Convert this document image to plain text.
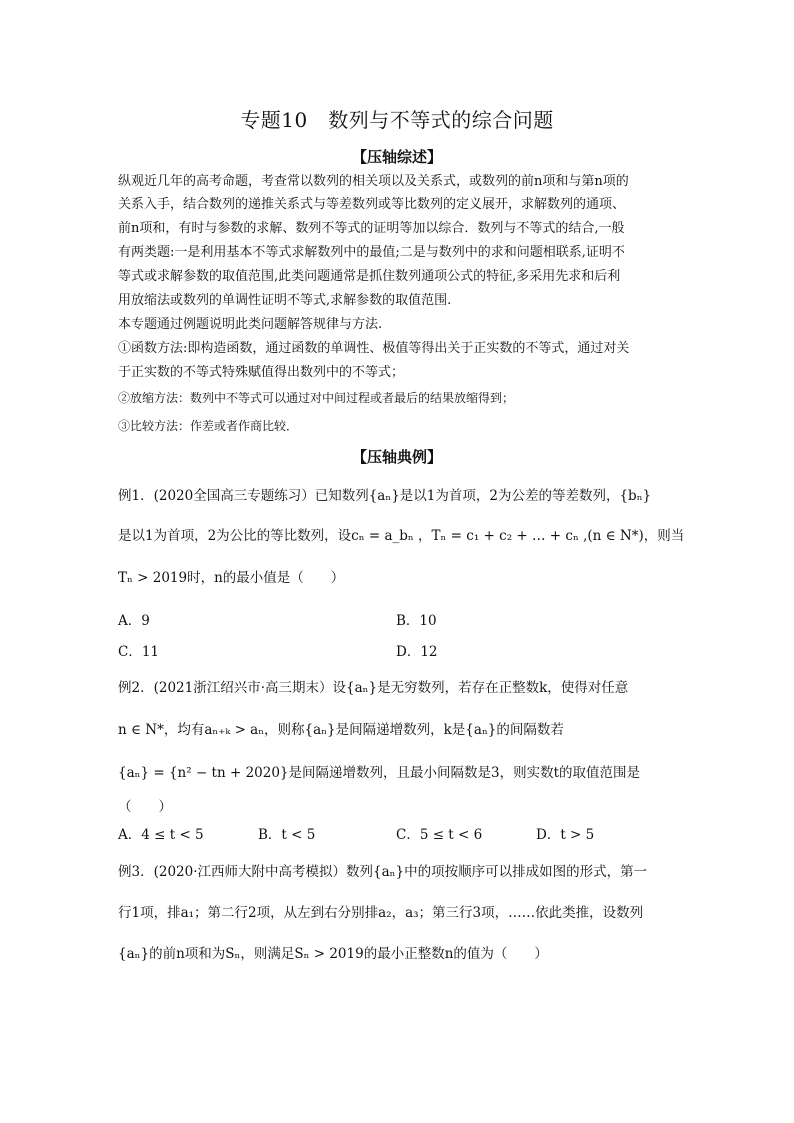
专题10　数列与不等式的综合问题
【压轴综述】
纵观近几年的高考命题，考查常以数列的相关项以及关系式，或数列的前n项和与第n项的
关系入手，结合数列的递推关系式与等差数列或等比数列的定义展开，求解数列的通项、
前n项和，有时与参数的求解、数列不等式的证明等加以综合．数列与不等式的结合,一般
有两类题:一是利用基本不等式求解数列中的最值;二是与数列中的求和问题相联系,证明不
等式或求解参数的取值范围,此类问题通常是抓住数列通项公式的特征,多采用先求和后利
用放缩法或数列的单调性证明不等式,求解参数的取值范围.
本专题通过例题说明此类问题解答规律与方法.
①函数方法:即构造函数，通过函数的单调性、极值等得出关于正实数的不等式，通过对关
于正实数的不等式特殊赋值得出数列中的不等式；
②放缩方法：数列中不等式可以通过对中间过程或者最后的结果放缩得到；
③比较方法：作差或者作商比较．
【压轴典例】
例1．(2020全国高三专题练习）已知数列{aₙ}是以1为首项，2为公差的等差数列，{bₙ}
是以1为首项，2为公比的等比数列，设cₙ = a_bₙ ，Tₙ = c₁ + c₂ + … + cₙ ,(n ∈ N*)，则当
Tₙ > 2019时，n的最小值是（　　）
A．9	B．10
C．11	D．12
例2．(2021浙江绍兴市·高三期末）设{aₙ}是无穷数列，若存在正整数k，使得对任意
n ∈ N*，均有aₙ₊ₖ > aₙ，则称{aₙ}是间隔递增数列，k是{aₙ}的间隔数若
{aₙ} = {n² − tn + 2020}是间隔递增数列，且最小间隔数是3，则实数t的取值范围是
（　　）
A．4 ≤ t < 5	B．t < 5	C．5 ≤ t < 6	D．t > 5
例3．(2020·江西师大附中高考模拟）数列{aₙ}中的项按顺序可以排成如图的形式，第一
行1项，排a₁；第二行2项，从左到右分别排a₂，a₃；第三行3项，……依此类推，设数列
{aₙ}的前n项和为Sₙ，则满足Sₙ > 2019的最小正整数n的值为（　　）
